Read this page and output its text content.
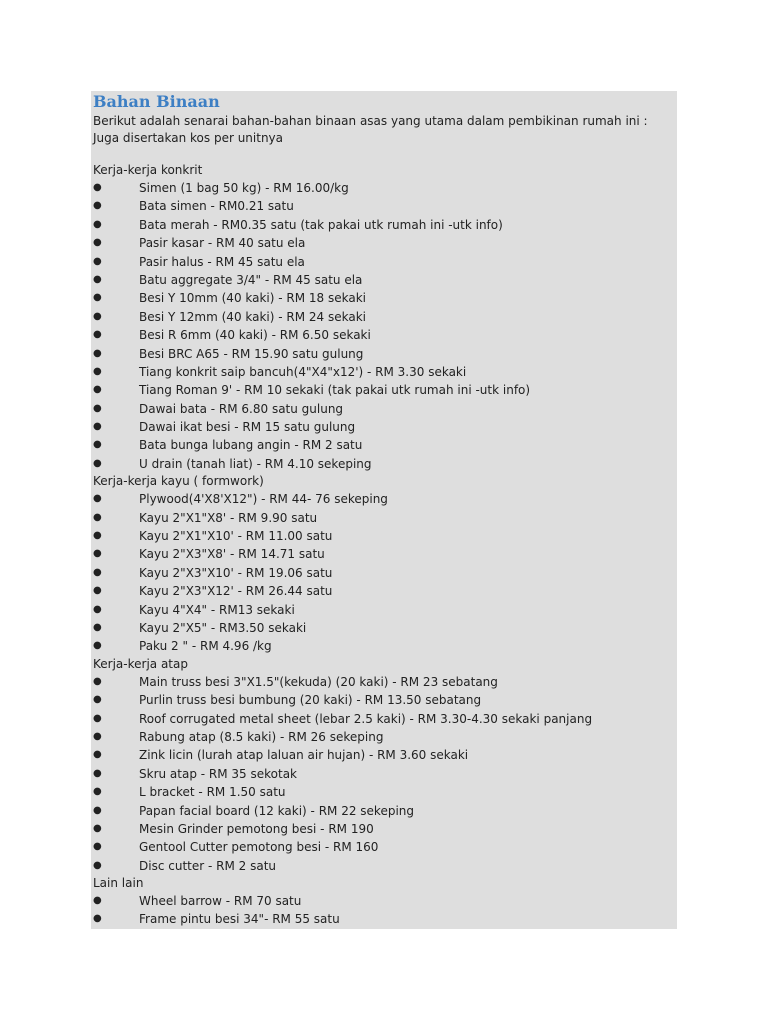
Bahan Binaan

Berikut adalah senarai bahan-bahan binaan asas yang utama dalam pembikinan rumah ini :

Juga disertakan kos per unitnya

Kerja-kerja konkrit

●	Simen (1 bag 50 kg) - RM 16.00/kg
●	Bata simen - RM0.21 satu
●	Bata merah - RM0.35 satu (tak pakai utk rumah ini -utk info)
●	Pasir kasar - RM 40 satu ela
●	Pasir halus - RM 45 satu ela
●	Batu aggregate 3/4" - RM 45 satu ela
●	Besi Y 10mm (40 kaki) - RM 18 sekaki
●	Besi Y 12mm (40 kaki) - RM 24 sekaki
●	Besi R 6mm (40 kaki) - RM 6.50 sekaki
●	Besi BRC A65 - RM 15.90 satu gulung
●	Tiang konkrit saip bancuh(4"X4"x12') - RM 3.30 sekaki
●	Tiang Roman 9' - RM 10 sekaki (tak pakai utk rumah ini -utk info)
●	Dawai bata - RM 6.80 satu gulung
●	Dawai ikat besi - RM 15 satu gulung
●	Bata bunga lubang angin - RM 2 satu
●	U drain (tanah liat) - RM 4.10 sekeping

Kerja-kerja kayu ( formwork)

●	Plywood(4'X8'X12") - RM 44- 76 sekeping
●	Kayu 2"X1"X8' - RM 9.90 satu
●	Kayu 2"X1"X10' - RM 11.00 satu
●	Kayu 2"X3"X8' - RM 14.71 satu
●	Kayu 2"X3"X10' - RM 19.06 satu
●	Kayu 2"X3"X12' - RM 26.44 satu
●	Kayu 4"X4" - RM13 sekaki
●	Kayu 2"X5" - RM3.50 sekaki
●	Paku 2 " - RM 4.96 /kg

Kerja-kerja atap

●	Main truss besi 3"X1.5"(kekuda) (20 kaki) - RM 23 sebatang
●	Purlin truss besi bumbung (20 kaki) - RM 13.50 sebatang
●	Roof corrugated metal sheet (lebar 2.5 kaki) - RM 3.30-4.30 sekaki panjang
●	Rabung atap (8.5 kaki) - RM 26 sekeping
●	Zink licin (lurah atap laluan air hujan) - RM 3.60 sekaki
●	Skru atap - RM 35 sekotak
●	L bracket - RM 1.50 satu
●	Papan facial board (12 kaki) - RM 22 sekeping
●	Mesin Grinder pemotong besi - RM 190
●	Gentool Cutter pemotong besi - RM 160
●	Disc cutter - RM 2 satu

Lain lain

●	Wheel barrow - RM 70 satu
●	Frame pintu besi 34"- RM 55 satu
